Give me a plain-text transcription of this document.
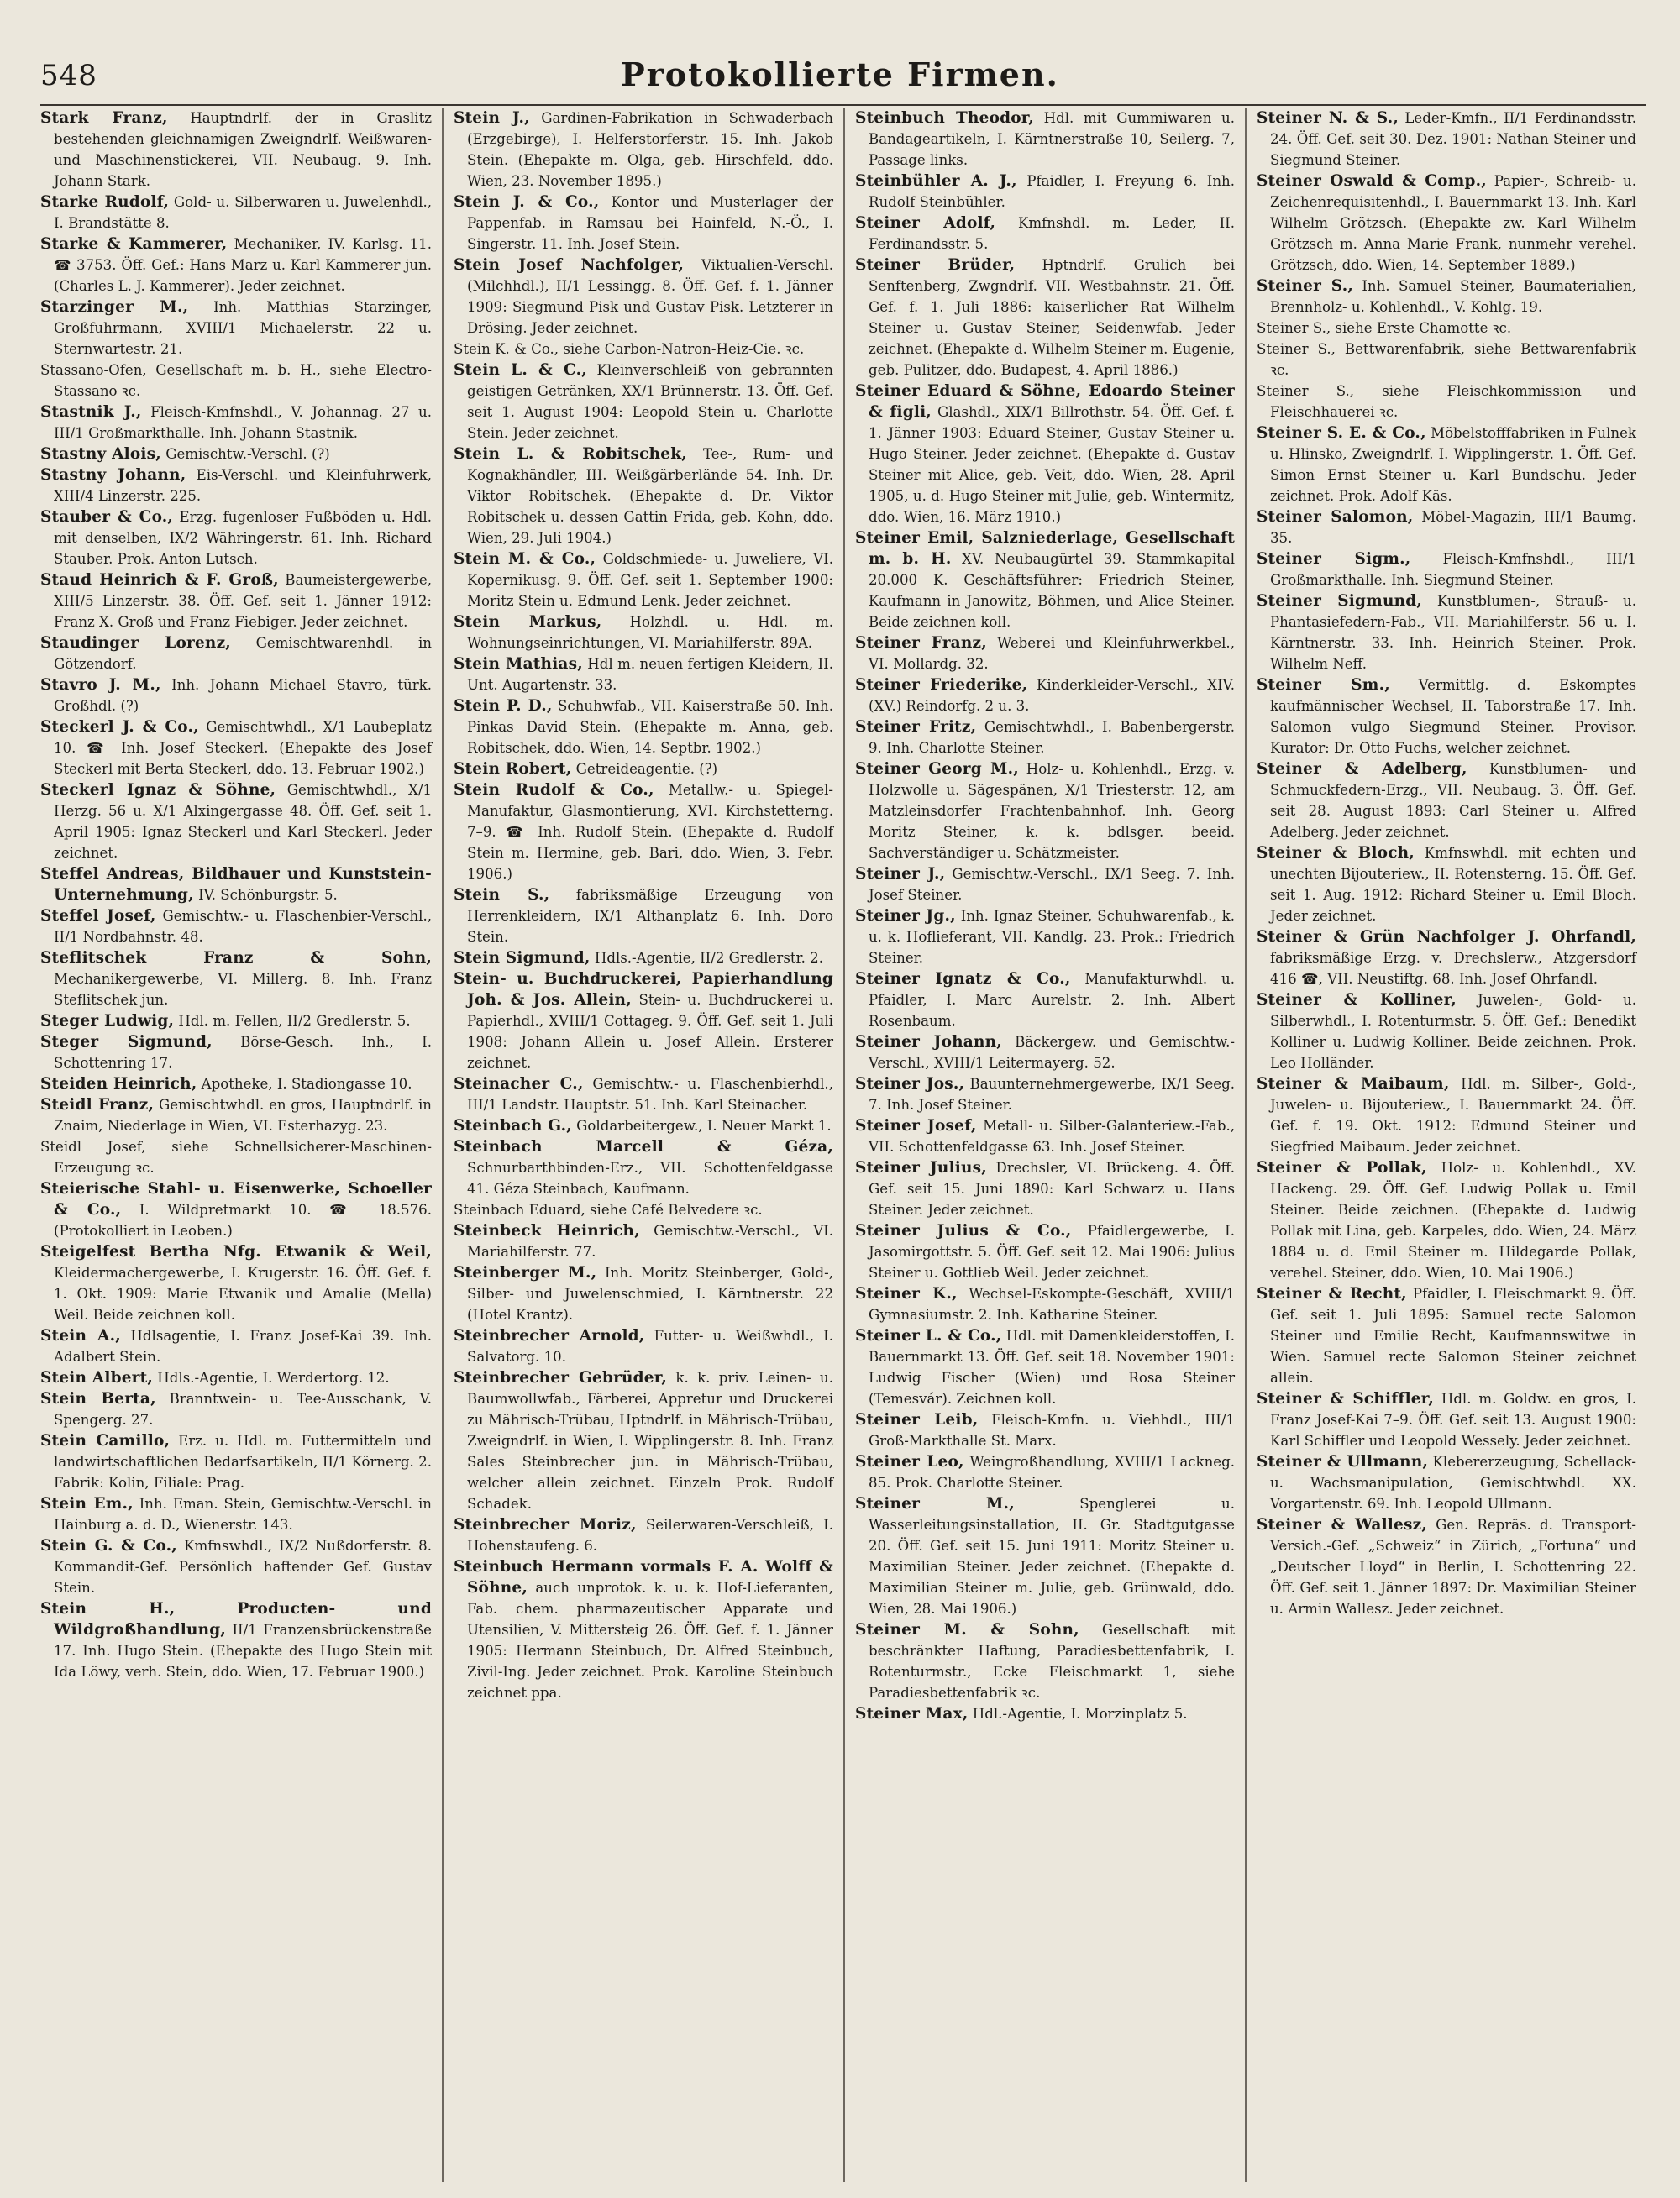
548	Protokollierte Firmen.

Stark Franz, Hauptndrlf. der in Graslitz bestehenden gleichnamigen Zweigndrlf. Weißwaren- und Maschinenstickerei, VII. Neubaug. 9. Inh. Johann Stark.

Starke Rudolf, Gold- u. Silberwaren u. Juwelenhdl., I. Brandstätte 8.

Starke & Kammerer, Mechaniker, IV. Karlsg. 11. ☎ 3753. Öff. Gef.: Hans Marz u. Karl Kammerer jun. (Charles L. J. Kammerer). Jeder zeichnet.

Starzinger M., Inh. Matthias Starzinger, Großfuhrmann, XVIII/1 Michaelerstr. 22 u. Sternwartestr. 21.

Stassano-Ofen, Gesellschaft m. b. H., siehe Electro-Stassano ꝛc.

Stastnik J., Fleisch-Kmfnshdl., V. Johannag. 27 u. III/1 Großmarkthalle. Inh. Johann Stastnik.

Stastny Alois, Gemischtw.-Verschl. (?)

Stastny Johann, Eis-Verschl. und Kleinfuhrwerk, XIII/4 Linzerstr. 225.

Stauber & Co., Erzg. fugenloser Fußböden u. Hdl. mit denselben, IX/2 Währingerstr. 61. Inh. Richard Stauber. Prok. Anton Lutsch.

Staud Heinrich & F. Groß, Baumeistergewerbe, XIII/5 Linzerstr. 38. Öff. Gef. seit 1. Jänner 1912: Franz X. Groß und Franz Fiebiger. Jeder zeichnet.

Staudinger Lorenz, Gemischtwarenhdl. in Götzendorf.

Stavro J. M., Inh. Johann Michael Stavro, türk. Großhdl. (?)

Steckerl J. & Co., Gemischtwhdl., X/1 Laubeplatz 10. ☎ Inh. Josef Steckerl. (Ehepakte des Josef Steckerl mit Berta Steckerl, ddo. 13. Februar 1902.)

Steckerl Ignaz & Söhne, Gemischtwhdl., X/1 Herzg. 56 u. X/1 Alxingergasse 48. Öff. Gef. seit 1. April 1905: Ignaz Steckerl und Karl Steckerl. Jeder zeichnet.

Steffel Andreas, Bildhauer und Kunststein-Unternehmung, IV. Schönburgstr. 5.

Steffel Josef, Gemischtw.- u. Flaschenbier-Verschl., II/1 Nordbahnstr. 48.

Steflitschek Franz & Sohn, Mechanikergewerbe, VI. Millerg. 8. Inh. Franz Steflitschek jun.

Steger Ludwig, Hdl. m. Fellen, II/2 Gredlerstr. 5.

Steger Sigmund, Börse-Gesch. Inh., I. Schottenring 17.

Steiden Heinrich, Apotheke, I. Stadiongasse 10.

Steidl Franz, Gemischtwhdl. en gros, Hauptndrlf. in Znaim, Niederlage in Wien, VI. Esterhazyg. 23.

Steidl Josef, siehe Schnellsicherer-Maschinen-Erzeugung ꝛc.

Steierische Stahl- u. Eisenwerke, Schoeller & Co., I. Wildpretmarkt 10. ☎ 18.576. (Protokolliert in Leoben.)

Steigelfest Bertha Nfg. Etwanik & Weil, Kleidermachergewerbe, I. Krugerstr. 16. Öff. Gef. f. 1. Okt. 1909: Marie Etwanik und Amalie (Mella) Weil. Beide zeichnen koll.

Stein A., Hdlsagentie, I. Franz Josef-Kai 39. Inh. Adalbert Stein.

Stein Albert, Hdls.-Agentie, I. Werdertorg. 12.

Stein Berta, Branntwein- u. Tee-Ausschank, V. Spengerg. 27.

Stein Camillo, Erz. u. Hdl. m. Futtermitteln und landwirtschaftlichen Bedarfsartikeln, II/1 Körnerg. 2. Fabrik: Kolin, Filiale: Prag.

Stein Em., Inh. Eman. Stein, Gemischtw.-Verschl. in Hainburg a. d. D., Wienerstr. 143.

Stein G. & Co., Kmfnswhdl., IX/2 Nußdorferstr. 8. Kommandit-Gef. Persönlich haftender Gef. Gustav Stein.

Stein H., Producten- und Wildgroßhandlung, II/1 Franzensbrückenstraße 17. Inh. Hugo Stein. (Ehepakte des Hugo Stein mit Ida Löwy, verh. Stein, ddo. Wien, 17. Februar 1900.)

Stein J., Gardinen-Fabrikation in Schwaderbach (Erzgebirge), I. Helferstorferstr. 15. Inh. Jakob Stein. (Ehepakte m. Olga, geb. Hirschfeld, ddo. Wien, 23. November 1895.)

Stein J. & Co., Kontor und Musterlager der Pappenfab. in Ramsau bei Hainfeld, N.-Ö., I. Singerstr. 11. Inh. Josef Stein.

Stein Josef Nachfolger, Viktualien-Verschl. (Milchhdl.), II/1 Lessingg. 8. Öff. Gef. f. 1. Jänner 1909: Siegmund Pisk und Gustav Pisk. Letzterer in Drösing. Jeder zeichnet.

Stein K. & Co., siehe Carbon-Natron-Heiz-Cie. ꝛc.

Stein L. & C., Kleinverschleiß von gebrannten geistigen Getränken, XX/1 Brünnerstr. 13. Öff. Gef. seit 1. August 1904: Leopold Stein u. Charlotte Stein. Jeder zeichnet.

Stein L. & Robitschek, Tee-, Rum- und Kognakhändler, III. Weißgärberlände 54. Inh. Dr. Viktor Robitschek. (Ehepakte d. Dr. Viktor Robitschek u. dessen Gattin Frida, geb. Kohn, ddo. Wien, 29. Juli 1904.)

Stein M. & Co., Goldschmiede- u. Juweliere, VI. Kopernikusg. 9. Öff. Gef. seit 1. September 1900: Moritz Stein u. Edmund Lenk. Jeder zeichnet.

Stein Markus, Holzhdl. u. Hdl. m. Wohnungseinrichtungen, VI. Mariahilferstr. 89A.

Stein Mathias, Hdl m. neuen fertigen Kleidern, II. Unt. Augartenstr. 33.

Stein P. D., Schuhwfab., VII. Kaiserstraße 50. Inh. Pinkas David Stein. (Ehepakte m. Anna, geb. Robitschek, ddo. Wien, 14. Septbr. 1902.)

Stein Robert, Getreideagentie. (?)

Stein Rudolf & Co., Metallw.- u. Spiegel-Manufaktur, Glasmontierung, XVI. Kirchstetterng. 7–9. ☎ Inh. Rudolf Stein. (Ehepakte d. Rudolf Stein m. Hermine, geb. Bari, ddo. Wien, 3. Febr. 1906.)

Stein S., fabriksmäßige Erzeugung von Herrenkleidern, IX/1 Althanplatz 6. Inh. Doro Stein.

Stein Sigmund, Hdls.-Agentie, II/2 Gredlerstr. 2.

Stein- u. Buchdruckerei, Papierhandlung Joh. & Jos. Allein, Stein- u. Buchdruckerei u. Papierhdl., XVIII/1 Cottageg. 9. Öff. Gef. seit 1. Juli 1908: Johann Allein u. Josef Allein. Ersterer zeichnet.

Steinacher C., Gemischtw.- u. Flaschenbierhdl., III/1 Landstr. Hauptstr. 51. Inh. Karl Steinacher.

Steinbach G., Goldarbeitergew., I. Neuer Markt 1.

Steinbach Marcell & Géza, Schnurbarthbinden-Erz., VII. Schottenfeldgasse 41. Géza Steinbach, Kaufmann.

Steinbach Eduard, siehe Café Belvedere ꝛc.

Steinbeck Heinrich, Gemischtw.-Verschl., VI. Mariahilferstr. 77.

Steinberger M., Inh. Moritz Steinberger, Gold-, Silber- und Juwelenschmied, I. Kärntnerstr. 22 (Hotel Krantz).

Steinbrecher Arnold, Futter- u. Weißwhdl., I. Salvatorg. 10.

Steinbrecher Gebrüder, k. k. priv. Leinen- u. Baumwollwfab., Färberei, Appretur und Druckerei zu Mährisch-Trübau, Hptndrlf. in Mährisch-Trübau, Zweigndrlf. in Wien, I. Wipplingerstr. 8. Inh. Franz Sales Steinbrecher jun. in Mährisch-Trübau, welcher allein zeichnet. Einzeln Prok. Rudolf Schadek.

Steinbrecher Moriz, Seilerwaren-Verschleiß, I. Hohenstaufeng. 6.

Steinbuch Hermann vormals F. A. Wolff & Söhne, auch unprotok. k. u. k. Hof-Lieferanten, Fab. chem. pharmazeutischer Apparate und Utensilien, V. Mittersteig 26. Öff. Gef. f. 1. Jänner 1905: Hermann Steinbuch, Dr. Alfred Steinbuch, Zivil-Ing. Jeder zeichnet. Prok. Karoline Steinbuch zeichnet ppa.

Steinbuch Theodor, Hdl. mit Gummiwaren u. Bandageartikeln, I. Kärntnerstraße 10, Seilerg. 7, Passage links.

Steinbühler A. J., Pfaidler, I. Freyung 6. Inh. Rudolf Steinbühler.

Steiner Adolf, Kmfnshdl. m. Leder, II. Ferdinandsstr. 5.

Steiner Brüder, Hptndrlf. Grulich bei Senftenberg, Zwgndrlf. VII. Westbahnstr. 21. Öff. Gef. f. 1. Juli 1886: kaiserlicher Rat Wilhelm Steiner u. Gustav Steiner, Seidenwfab. Jeder zeichnet. (Ehepakte d. Wilhelm Steiner m. Eugenie, geb. Pulitzer, ddo. Budapest, 4. April 1886.)

Steiner Eduard & Söhne, Edoardo Steiner & figli, Glashdl., XIX/1 Billrothstr. 54. Öff. Gef. f. 1. Jänner 1903: Eduard Steiner, Gustav Steiner u. Hugo Steiner. Jeder zeichnet. (Ehepakte d. Gustav Steiner mit Alice, geb. Veit, ddo. Wien, 28. April 1905, u. d. Hugo Steiner mit Julie, geb. Wintermitz, ddo. Wien, 16. März 1910.)

Steiner Emil, Salzniederlage, Gesellschaft m. b. H. XV. Neubaugürtel 39. Stammkapital 20.000 K. Geschäftsführer: Friedrich Steiner, Kaufmann in Janowitz, Böhmen, und Alice Steiner. Beide zeichnen koll.

Steiner Franz, Weberei und Kleinfuhrwerkbel., VI. Mollardg. 32.

Steiner Friederike, Kinderkleider-Verschl., XIV. (XV.) Reindorfg. 2 u. 3.

Steiner Fritz, Gemischtwhdl., I. Babenbergerstr. 9. Inh. Charlotte Steiner.

Steiner Georg M., Holz- u. Kohlenhdl., Erzg. v. Holzwolle u. Sägespänen, X/1 Triesterstr. 12, am Matzleinsdorfer Frachtenbahnhof. Inh. Georg Moritz Steiner, k. k. bdlsger. beeid. Sachverständiger u. Schätzmeister.

Steiner J., Gemischtw.-Verschl., IX/1 Seeg. 7. Inh. Josef Steiner.

Steiner Jg., Inh. Ignaz Steiner, Schuhwarenfab., k. u. k. Hoflieferant, VII. Kandlg. 23. Prok.: Friedrich Steiner.

Steiner Ignatz & Co., Manufakturwhdl. u. Pfaidler, I. Marc Aurelstr. 2. Inh. Albert Rosenbaum.

Steiner Johann, Bäckergew. und Gemischtw.-Verschl., XVIII/1 Leitermayerg. 52.

Steiner Jos., Bauunternehmergewerbe, IX/1 Seeg. 7. Inh. Josef Steiner.

Steiner Josef, Metall- u. Silber-Galanteriew.-Fab., VII. Schottenfeldgasse 63. Inh. Josef Steiner.

Steiner Julius, Drechsler, VI. Brückeng. 4. Öff. Gef. seit 15. Juni 1890: Karl Schwarz u. Hans Steiner. Jeder zeichnet.

Steiner Julius & Co., Pfaidlergewerbe, I. Jasomirgottstr. 5. Öff. Gef. seit 12. Mai 1906: Julius Steiner u. Gottlieb Weil. Jeder zeichnet.

Steiner K., Wechsel-Eskompte-Geschäft, XVIII/1 Gymnasiumstr. 2. Inh. Katharine Steiner.

Steiner L. & Co., Hdl. mit Damenkleiderstoffen, I. Bauernmarkt 13. Öff. Gef. seit 18. November 1901: Ludwig Fischer (Wien) und Rosa Steiner (Temesvár). Zeichnen koll.

Steiner Leib, Fleisch-Kmfn. u. Viehhdl., III/1 Groß-Markthalle St. Marx.

Steiner Leo, Weingroßhandlung, XVIII/1 Lackneg. 85. Prok. Charlotte Steiner.

Steiner M.,	Spenglerei u. Wasserleitungsinstallation, II. Gr. Stadtgutgasse 20. Öff. Gef. seit 15. Juni 1911: Moritz Steiner u. Maximilian Steiner. Jeder zeichnet. (Ehepakte d. Maximilian Steiner m. Julie, geb. Grünwald, ddo. Wien, 28. Mai 1906.)

Steiner M. & Sohn, Gesellschaft mit beschränkter Haftung, Paradiesbettenfabrik, I. Rotenturmstr., Ecke Fleischmarkt 1, siehe Paradiesbettenfabrik ꝛc.

Steiner Max, Hdl.-Agentie, I. Morzinplatz 5.

Steiner N. & S., Leder-Kmfn., II/1 Ferdinandsstr. 24. Öff. Gef. seit 30. Dez. 1901: Nathan Steiner und Siegmund Steiner.

Steiner Oswald & Comp., Papier-, Schreib- u. Zeichenrequisitenhdl., I. Bauernmarkt 13. Inh. Karl Wilhelm Grötzsch. (Ehepakte zw. Karl Wilhelm Grötzsch m. Anna Marie Frank, nunmehr verehel. Grötzsch, ddo. Wien, 14. September 1889.)

Steiner S., Inh. Samuel Steiner, Baumaterialien, Brennholz- u. Kohlenhdl., V. Kohlg. 19.

Steiner S., siehe Erste Chamotte ꝛc.

Steiner S., Bettwarenfabrik, siehe Bettwarenfabrik ꝛc.

Steiner S., siehe Fleischkommission und Fleischhauerei ꝛc.

Steiner S. E. & Co., Möbelstofffabriken in Fulnek u. Hlinsko, Zweigndrlf. I. Wipplingerstr. 1. Öff. Gef. Simon Ernst Steiner u. Karl Bundschu. Jeder zeichnet. Prok. Adolf Käs.

Steiner Salomon, Möbel-Magazin, III/1 Baumg. 35.

Steiner Sigm., Fleisch-Kmfnshdl., III/1 Großmarkthalle. Inh. Siegmund Steiner.

Steiner Sigmund, Kunstblumen-, Strauß- u. Phantasiefedern-Fab., VII. Mariahilferstr. 56 u. I. Kärntnerstr. 33. Inh. Heinrich Steiner. Prok. Wilhelm Neff.

Steiner Sm., Vermittlg. d. Eskomptes kaufmännischer Wechsel, II. Taborstraße 17. Inh. Salomon vulgo Siegmund Steiner. Provisor. Kurator: Dr. Otto Fuchs, welcher zeichnet.

Steiner & Adelberg, Kunstblumen- und Schmuckfedern-Erzg., VII. Neubaug. 3. Öff. Gef. seit 28. August 1893: Carl Steiner u. Alfred Adelberg. Jeder zeichnet.

Steiner & Bloch, Kmfnswhdl. mit echten und unechten Bijouteriew., II. Rotensterng. 15. Öff. Gef. seit 1. Aug. 1912: Richard Steiner u. Emil Bloch. Jeder zeichnet.

Steiner & Grün Nachfolger J. Ohrfandl, fabriksmäßige Erzg. v. Drechslerw., Atzgersdorf 416 ☎, VII. Neustiftg. 68. Inh. Josef Ohrfandl.

Steiner & Kolliner, Juwelen-, Gold- u. Silberwhdl., I. Rotenturmstr. 5. Öff. Gef.: Benedikt Kolliner u. Ludwig Kolliner. Beide zeichnen. Prok. Leo Holländer.

Steiner & Maibaum, Hdl. m. Silber-, Gold-, Juwelen- u. Bijouteriew., I. Bauernmarkt 24. Öff. Gef. f. 19. Okt. 1912: Edmund Steiner und Siegfried Maibaum. Jeder zeichnet.

Steiner & Pollak, Holz- u. Kohlenhdl., XV. Hackeng. 29. Öff. Gef. Ludwig Pollak u. Emil Steiner. Beide zeichnen. (Ehepakte d. Ludwig Pollak mit Lina, geb. Karpeles, ddo. Wien, 24. März 1884 u. d. Emil Steiner m. Hildegarde Pollak, verehel. Steiner, ddo. Wien, 10. Mai 1906.)

Steiner & Recht, Pfaidler, I. Fleischmarkt 9. Öff. Gef. seit 1. Juli 1895: Samuel recte Salomon Steiner und Emilie Recht, Kaufmannswitwe in Wien. Samuel recte Salomon Steiner zeichnet allein.

Steiner & Schiffler, Hdl. m. Goldw. en gros, I. Franz Josef-Kai 7–9. Öff. Gef. seit 13. August 1900: Karl Schiffler und Leopold Wessely. Jeder zeichnet.

Steiner & Ullmann, Klebererzeugung, Schellack- u. Wachsmanipulation, Gemischtwhdl. XX. Vorgartenstr. 69. Inh. Leopold Ullmann.

Steiner & Wallesz, Gen. Repräs. d. Transport-Versich.-Gef. „Schweiz“ in Zürich, „Fortuna“ und „Deutscher Lloyd“ in Berlin, I. Schottenring 22. Öff. Gef. seit 1. Jänner 1897: Dr. Maximilian Steiner u. Armin Wallesz. Jeder zeichnet.
